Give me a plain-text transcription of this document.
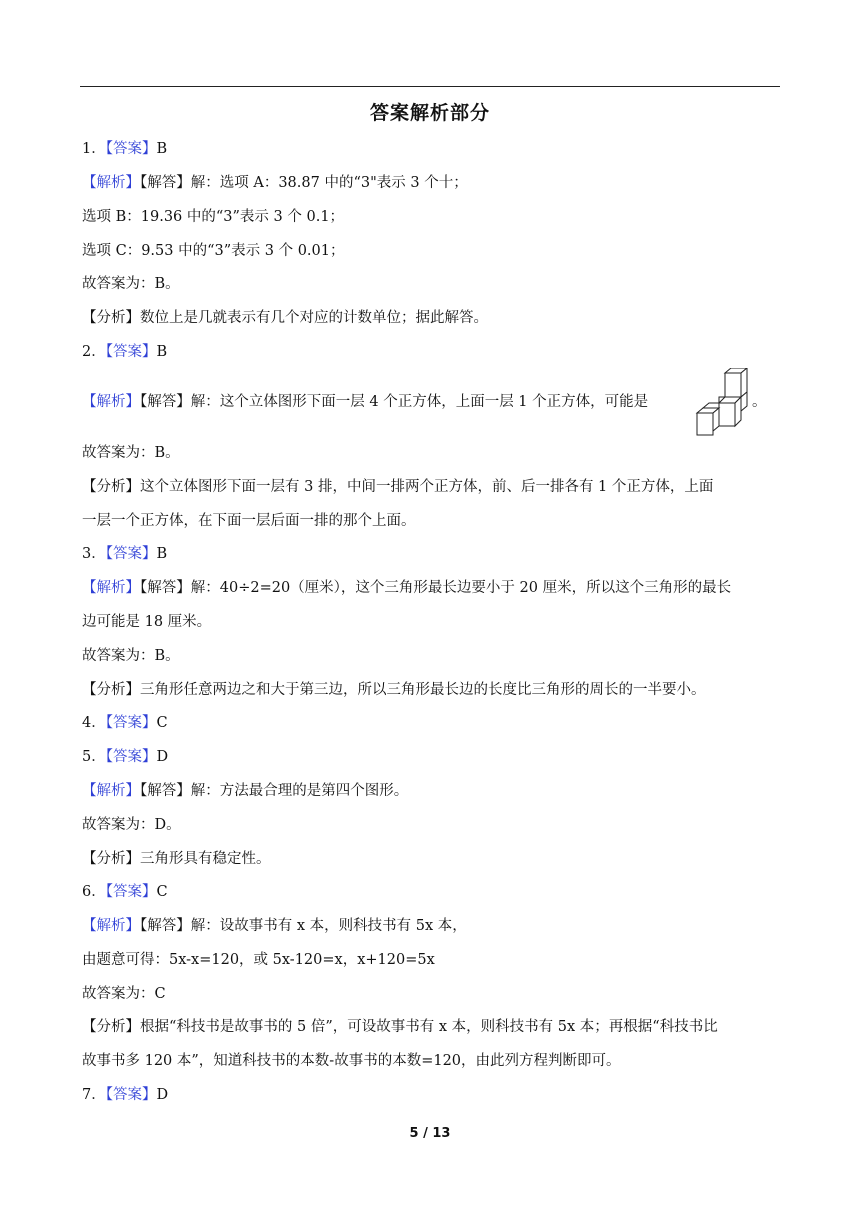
答案解析部分
1．【答案】B
【解析】【解答】解：选项 A：38.87 中的“3"表示 3 个十；
选项 B：19.36 中的“3”表示 3 个 0.1；
选项 C：9.53 中的“3”表示 3 个 0.01；
故答案为：B。
【分析】数位上是几就表示有几个对应的计数单位；据此解答。
2．【答案】B
【解析】【解答】解：这个立体图形下面一层 4 个正方体，上面一层 1 个正方体，可能是	。
故答案为：B。
【分析】这个立体图形下面一层有 3 排，中间一排两个正方体，前、后一排各有 1 个正方体，上面
一层一个正方体，在下面一层后面一排的那个上面。
3．【答案】B
【解析】【解答】解：40÷2=20（厘米），这个三角形最长边要小于 20 厘米，所以这个三角形的最长
边可能是 18 厘米。
故答案为：B。
【分析】三角形任意两边之和大于第三边，所以三角形最长边的长度比三角形的周长的一半要小。
4．【答案】C
5．【答案】D
【解析】【解答】解：方法最合理的是第四个图形。
故答案为：D。
【分析】三角形具有稳定性。
6．【答案】C
【解析】【解答】解：设故事书有 x 本，则科技书有 5x 本，
由题意可得：5x-x=120，或 5x-120=x，x+120=5x
故答案为：C
【分析】根据“科技书是故事书的 5 倍”，可设故事书有 x 本，则科技书有 5x 本；再根据“科技书比
故事书多 120 本”，知道科技书的本数-故事书的本数=120，由此列方程判断即可。
7．【答案】D
5 / 13
